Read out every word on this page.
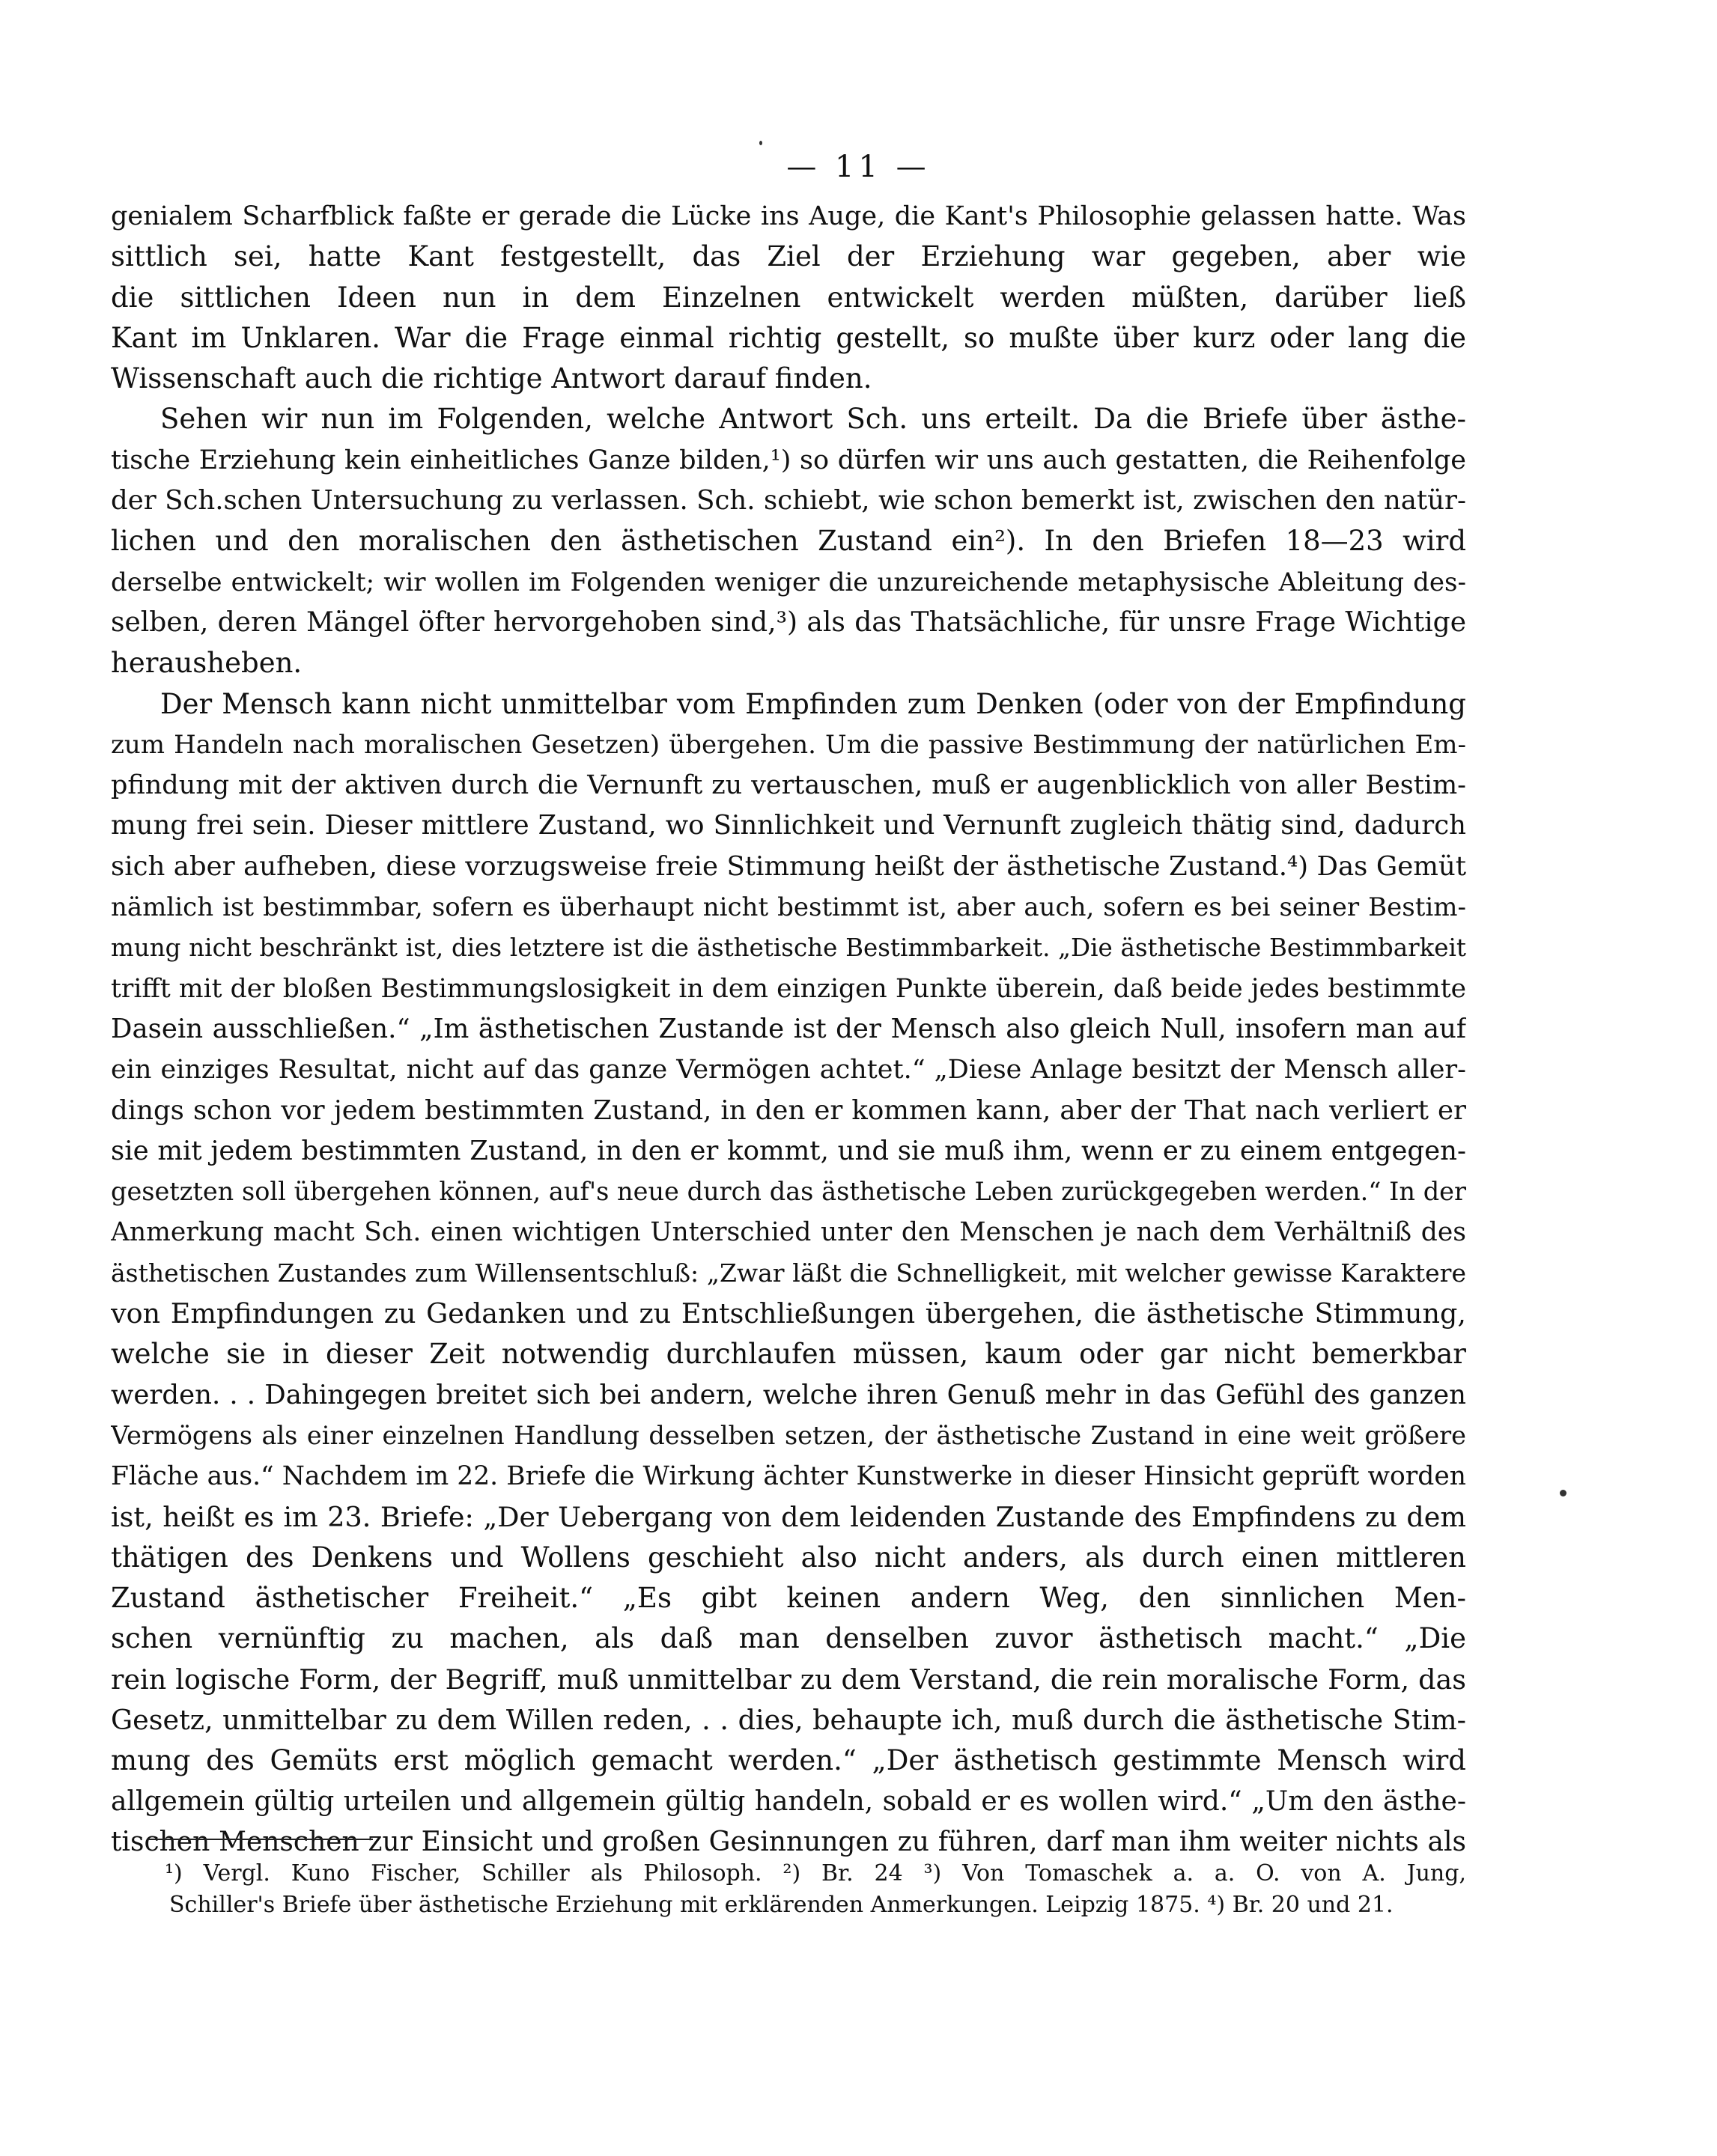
— 11 —
genialem Scharfblick faßte er gerade die Lücke ins Auge, die Kant's Philosophie gelassen hatte. Was
sittlich sei, hatte Kant festgestellt, das Ziel der Erziehung war gegeben, aber wie
die sittlichen Ideen nun in dem Einzelnen entwickelt werden müßten, darüber ließ
Kant im Unklaren. War die Frage einmal richtig gestellt, so mußte über kurz oder lang die
Wissenschaft auch die richtige Antwort darauf finden.
Sehen wir nun im Folgenden, welche Antwort Sch. uns erteilt. Da die Briefe über ästhe-
tische Erziehung kein einheitliches Ganze bilden,¹) so dürfen wir uns auch gestatten, die Reihenfolge
der Sch.schen Untersuchung zu verlassen. Sch. schiebt, wie schon bemerkt ist, zwischen den natür-
lichen und den moralischen den ästhetischen Zustand ein²). In den Briefen 18—23 wird
derselbe entwickelt; wir wollen im Folgenden weniger die unzureichende metaphysische Ableitung des-
selben, deren Mängel öfter hervorgehoben sind,³) als das Thatsächliche, für unsre Frage Wichtige
herausheben.
Der Mensch kann nicht unmittelbar vom Empfinden zum Denken (oder von der Empfindung
zum Handeln nach moralischen Gesetzen) übergehen. Um die passive Bestimmung der natürlichen Em-
pfindung mit der aktiven durch die Vernunft zu vertauschen, muß er augenblicklich von aller Bestim-
mung frei sein. Dieser mittlere Zustand, wo Sinnlichkeit und Vernunft zugleich thätig sind, dadurch
sich aber aufheben, diese vorzugsweise freie Stimmung heißt der ästhetische Zustand.⁴) Das Gemüt
nämlich ist bestimmbar, sofern es überhaupt nicht bestimmt ist, aber auch, sofern es bei seiner Bestim-
mung nicht beschränkt ist, dies letztere ist die ästhetische Bestimmbarkeit. „Die ästhetische Bestimmbarkeit
trifft mit der bloßen Bestimmungslosigkeit in dem einzigen Punkte überein, daß beide jedes bestimmte
Dasein ausschließen.“ „Im ästhetischen Zustande ist der Mensch also gleich Null, insofern man auf
ein einziges Resultat, nicht auf das ganze Vermögen achtet.“ „Diese Anlage besitzt der Mensch aller-
dings schon vor jedem bestimmten Zustand, in den er kommen kann, aber der That nach verliert er
sie mit jedem bestimmten Zustand, in den er kommt, und sie muß ihm, wenn er zu einem entgegen-
gesetzten soll übergehen können, auf's neue durch das ästhetische Leben zurückgegeben werden.“ In der
Anmerkung macht Sch. einen wichtigen Unterschied unter den Menschen je nach dem Verhältniß des
ästhetischen Zustandes zum Willensentschluß: „Zwar läßt die Schnelligkeit, mit welcher gewisse Karaktere
von Empfindungen zu Gedanken und zu Entschließungen übergehen, die ästhetische Stimmung,
welche sie in dieser Zeit notwendig durchlaufen müssen, kaum oder gar nicht bemerkbar
werden. . . Dahingegen breitet sich bei andern, welche ihren Genuß mehr in das Gefühl des ganzen
Vermögens als einer einzelnen Handlung desselben setzen, der ästhetische Zustand in eine weit größere
Fläche aus.“ Nachdem im 22. Briefe die Wirkung ächter Kunstwerke in dieser Hinsicht geprüft worden
ist, heißt es im 23. Briefe: „Der Uebergang von dem leidenden Zustande des Empfindens zu dem
thätigen des Denkens und Wollens geschieht also nicht anders, als durch einen mittleren
Zustand ästhetischer Freiheit.“ „Es gibt keinen andern Weg, den sinnlichen Men-
schen vernünftig zu machen, als daß man denselben zuvor ästhetisch macht.“ „Die
rein logische Form, der Begriff, muß unmittelbar zu dem Verstand, die rein moralische Form, das
Gesetz, unmittelbar zu dem Willen reden, . . dies, behaupte ich, muß durch die ästhetische Stim-
mung des Gemüts erst möglich gemacht werden.“ „Der ästhetisch gestimmte Mensch wird
allgemein gültig urteilen und allgemein gültig handeln, sobald er es wollen wird.“ „Um den ästhe-
tischen Menschen zur Einsicht und großen Gesinnungen zu führen, darf man ihm weiter nichts als
¹) Vergl. Kuno Fischer, Schiller als Philosoph. ²) Br. 24 ³) Von Tomaschek a. a. O. von A. Jung,
Schiller's Briefe über ästhetische Erziehung mit erklärenden Anmerkungen. Leipzig 1875. ⁴) Br. 20 und 21.
